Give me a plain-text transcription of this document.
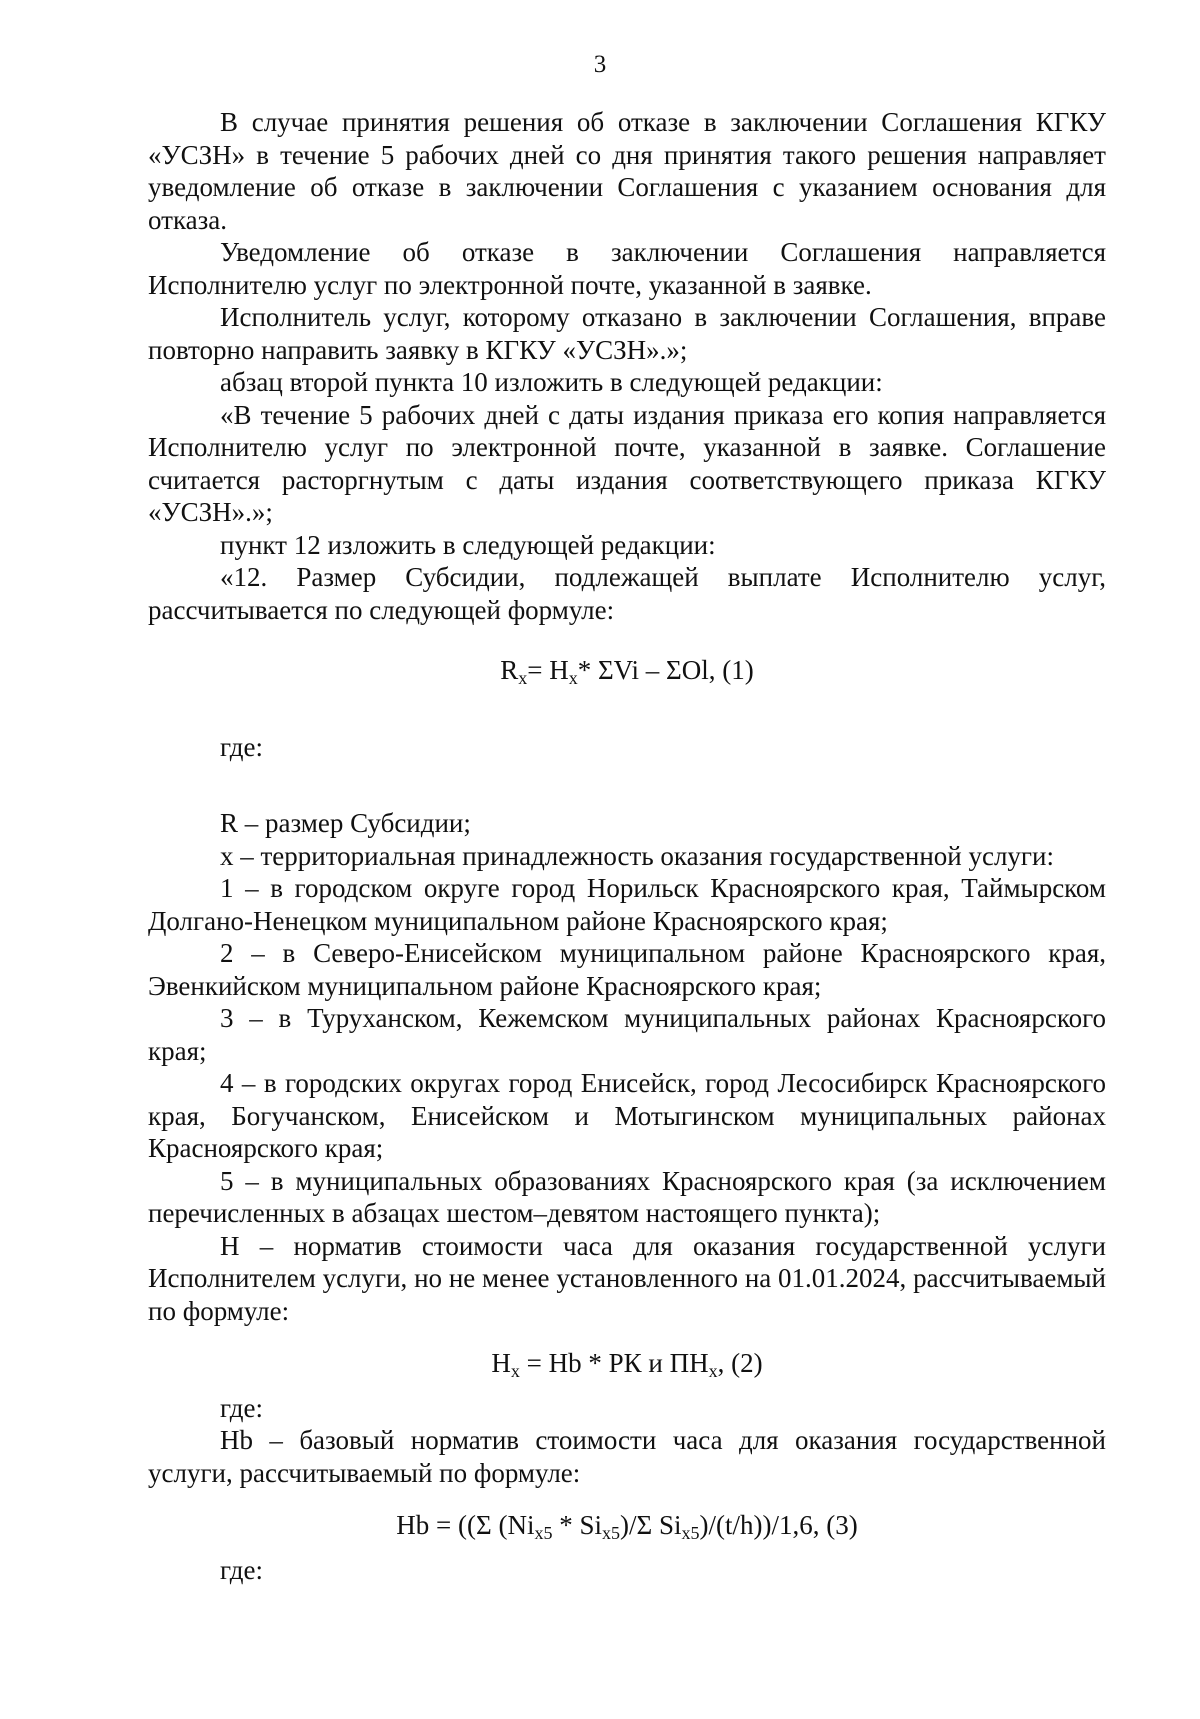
3

В случае принятия решения об отказе в заключении Соглашения КГКУ «УСЗН» в течение 5 рабочих дней со дня принятия такого решения направляет уведомление об отказе в заключении Соглашения с указанием основания для отказа.

Уведомление об отказе в заключении Соглашения направляется Исполнителю услуг по электронной почте, указанной в заявке.

Исполнитель услуг, которому отказано в заключении Соглашения, вправе повторно направить заявку в КГКУ «УСЗН».»;

абзац второй пункта 10 изложить в следующей редакции:

«В течение 5 рабочих дней с даты издания приказа его копия направляется Исполнителю услуг по электронной почте, указанной в заявке. Соглашение считается расторгнутым с даты издания соответствующего приказа КГКУ «УСЗН».»;

пункт 12 изложить в следующей редакции:

«12. Размер Субсидии, подлежащей выплате Исполнителю услуг, рассчитывается по следующей формуле:

$R_x= Н_x*$ ΣVi – ΣOl, (1)

где:

R – размер Субсидии;

х – территориальная принадлежность оказания государственной услуги:

1 – в городском округе город Норильск Красноярского края, Таймырском Долгано-Ненецком муниципальном районе Красноярского края;

2 – в Северо-Енисейском муниципальном районе Красноярского края, Эвенкийском муниципальном районе Красноярского края;

3 – в Туруханском, Кежемском муниципальных районах Красноярского края;

4 – в городских округах город Енисейск, город Лесосибирск Красноярского края, Богучанском, Енисейском и Мотыгинском муниципальных районах Красноярского края;

5 – в муниципальных образованиях Красноярского края (за исключением перечисленных в абзацах шестом–девятом настоящего пункта);

Н – норматив стоимости часа для оказания государственной услуги Исполнителем услуги, но не менее установленного на 01.01.2024, рассчитываемый по формуле:

$Н_x = Hb$ * РК и $ПН_x$, (2)

где:

Hb – базовый норматив стоимости часа для оказания государственной услуги, рассчитываемый по формуле:

Hb = ((Σ $(Ni_{x5} * Si_{x5})/\Sigma$ $Si_{x5})/(t/h))/1,6$, (3)

где:
